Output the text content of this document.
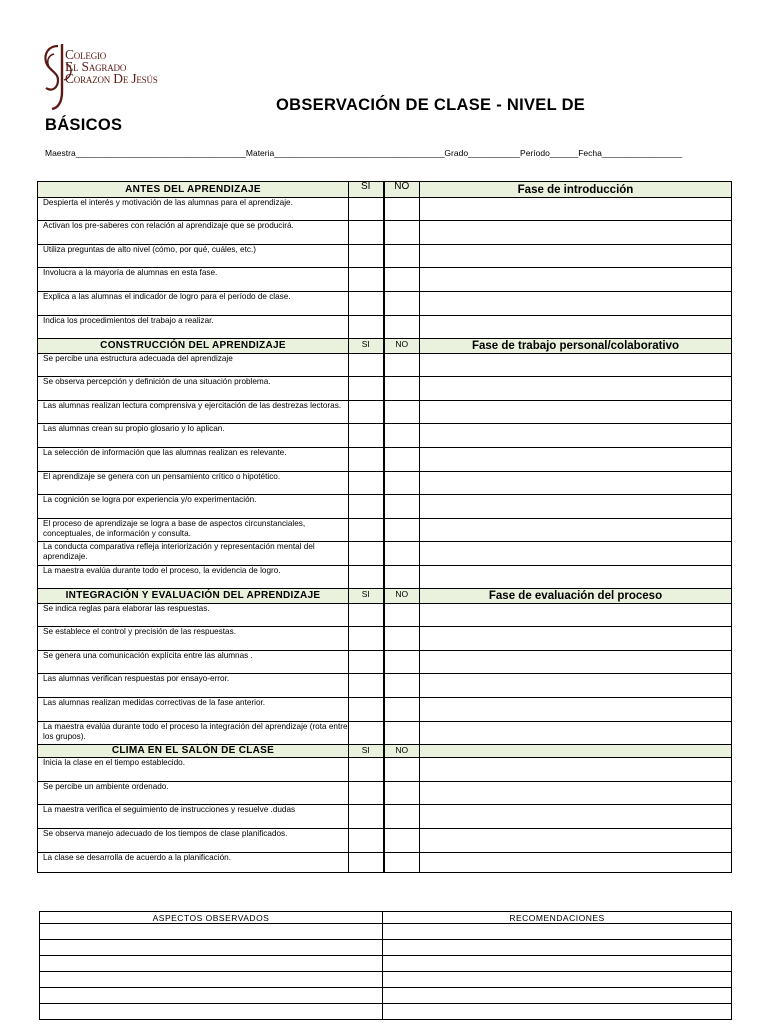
Colegio
El Sagrado
Corazon De Jesús
OBSERVACIÓN DE CLASE - NIVEL DE
BÁSICOS
Maestra____________________________________Materia____________________________________Grado___________Período______Fecha_________________
ANTES DEL APRENDIZAJE	SI	NO	Fase de introducción
Despierta el interés y motivación de las alumnas para el aprendizaje.			
Activan los pre-saberes con relación al aprendizaje que se producirá.			
Utiliza preguntas de alto nivel (cómo, por qué, cuáles, etc.)			
Involucra a la mayoría de alumnas en esta fase.			
Explica a las alumnas el indicador de logro para el período de clase.			
Indica los procedimientos del trabajo a realizar.			
CONSTRUCCIÓN DEL APRENDIZAJE	SI	NO	Fase de trabajo personal/colaborativo
Se percibe una estructura adecuada del aprendizaje			
Se observa percepción y definición de una situación problema.			
Las alumnas realizan lectura comprensiva y ejercitación de las destrezas lectoras.			
Las alumnas crean su propio glosario y lo aplican.			
La selección de información que las alumnas realizan es relevante.			
El aprendizaje se genera con un pensamiento crítico o hipotético.			
La cognición se logra por experiencia y/o experimentación.			
El proceso de aprendizaje se logra a base de aspectos circunstanciales, conceptuales, de información y consulta.			
La conducta comparativa refleja interiorización y representación mental del aprendizaje.			
La maestra evalúa durante todo el proceso, la evidencia de logro.			
INTEGRACIÓN Y EVALUACIÓN DEL APRENDIZAJE	SI	NO	Fase de evaluación del proceso
Se indica reglas para elaborar las respuestas.			
Se establece el control y precisión de las respuestas.			
Se genera una comunicación explícita entre las alumnas .			
Las alumnas verifican respuestas por ensayo-error.			
Las alumnas realizan medidas correctivas de la fase anterior.			
La maestra evalúa durante todo el proceso la integración del aprendizaje (rota entre los grupos).			
CLIMA EN EL SALÓN DE CLASE	SI	NO	
Inicia la clase en el tiempo establecido.			
Se percibe un ambiente ordenado.			
La maestra verifica el seguimiento de instrucciones y resuelve .dudas			
Se observa manejo adecuado de los tiempos de clase planificados.			
La clase se desarrolla de acuerdo a la planificación.			
ASPECTOS OBSERVADOS	RECOMENDACIONES
